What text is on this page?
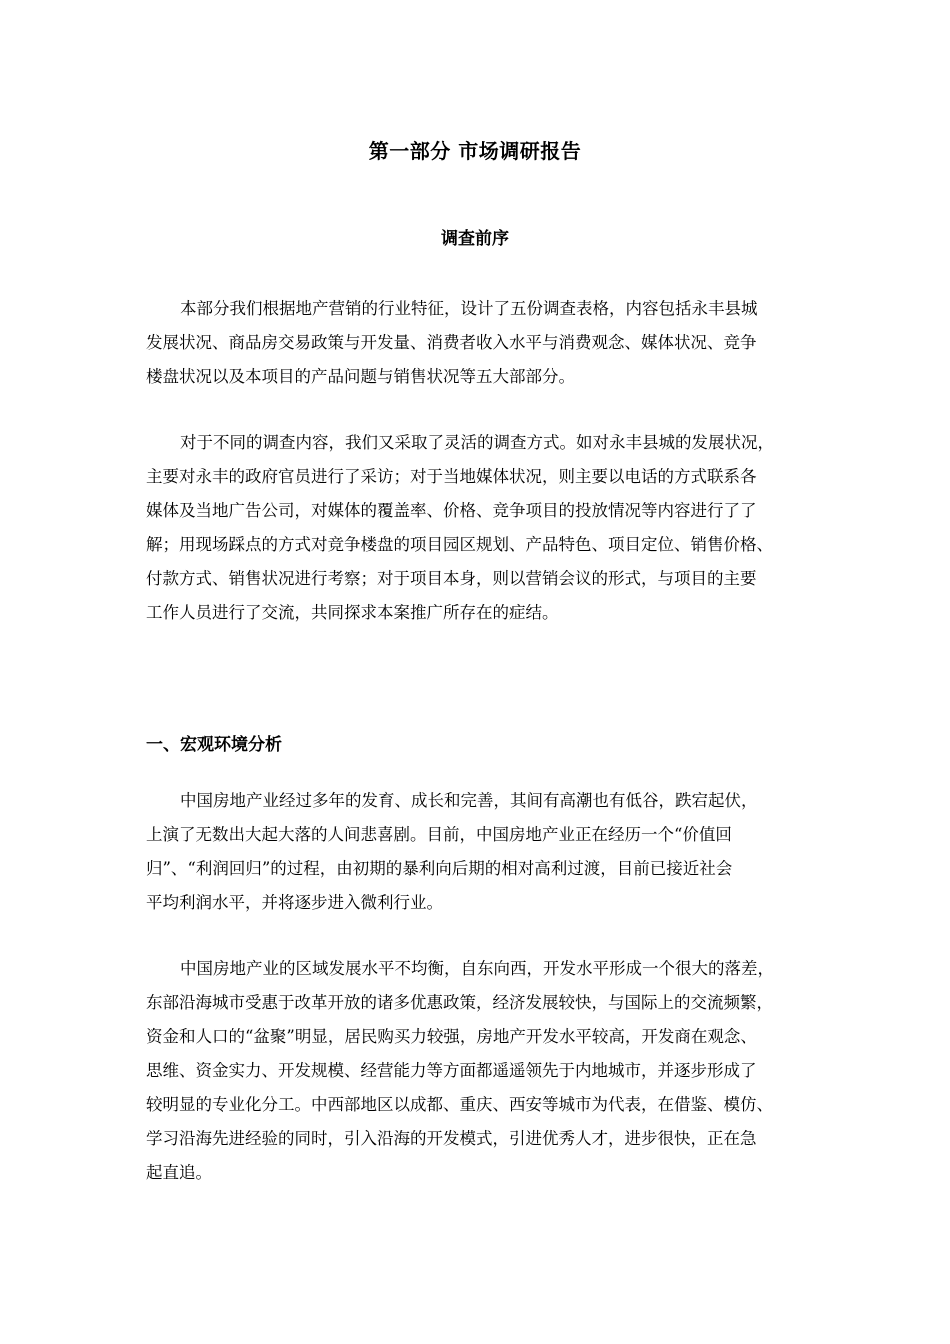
第一部分 市场调研报告
调查前序
本部分我们根据地产营销的行业特征，设计了五份调查表格，内容包括永丰县城
发展状况、商品房交易政策与开发量、消费者收入水平与消费观念、媒体状况、竞争
楼盘状况以及本项目的产品问题与销售状况等五大部部分。
对于不同的调查内容，我们又采取了灵活的调查方式。如对永丰县城的发展状况，
主要对永丰的政府官员进行了采访；对于当地媒体状况，则主要以电话的方式联系各
媒体及当地广告公司，对媒体的覆盖率、价格、竞争项目的投放情况等内容进行了了
解；用现场踩点的方式对竞争楼盘的项目园区规划、产品特色、项目定位、销售价格、
付款方式、销售状况进行考察；对于项目本身，则以营销会议的形式，与项目的主要
工作人员进行了交流，共同探求本案推广所存在的症结。
一、宏观环境分析
中国房地产业经过多年的发育、成长和完善，其间有高潮也有低谷，跌宕起伏，
上演了无数出大起大落的人间悲喜剧。目前，中国房地产业正在经历一个“价值回
归”、“利润回归”的过程，由初期的暴利向后期的相对高利过渡，目前已接近社会
平均利润水平，并将逐步进入微利行业。
中国房地产业的区域发展水平不均衡，自东向西，开发水平形成一个很大的落差，
东部沿海城市受惠于改革开放的诸多优惠政策，经济发展较快，与国际上的交流频繁，
资金和人口的“盆聚”明显，居民购买力较强，房地产开发水平较高，开发商在观念、
思维、资金实力、开发规模、经营能力等方面都遥遥领先于内地城市，并逐步形成了
较明显的专业化分工。中西部地区以成都、重庆、西安等城市为代表，在借鉴、模仿、
学习沿海先进经验的同时，引入沿海的开发模式，引进优秀人才，进步很快，正在急
起直追。
